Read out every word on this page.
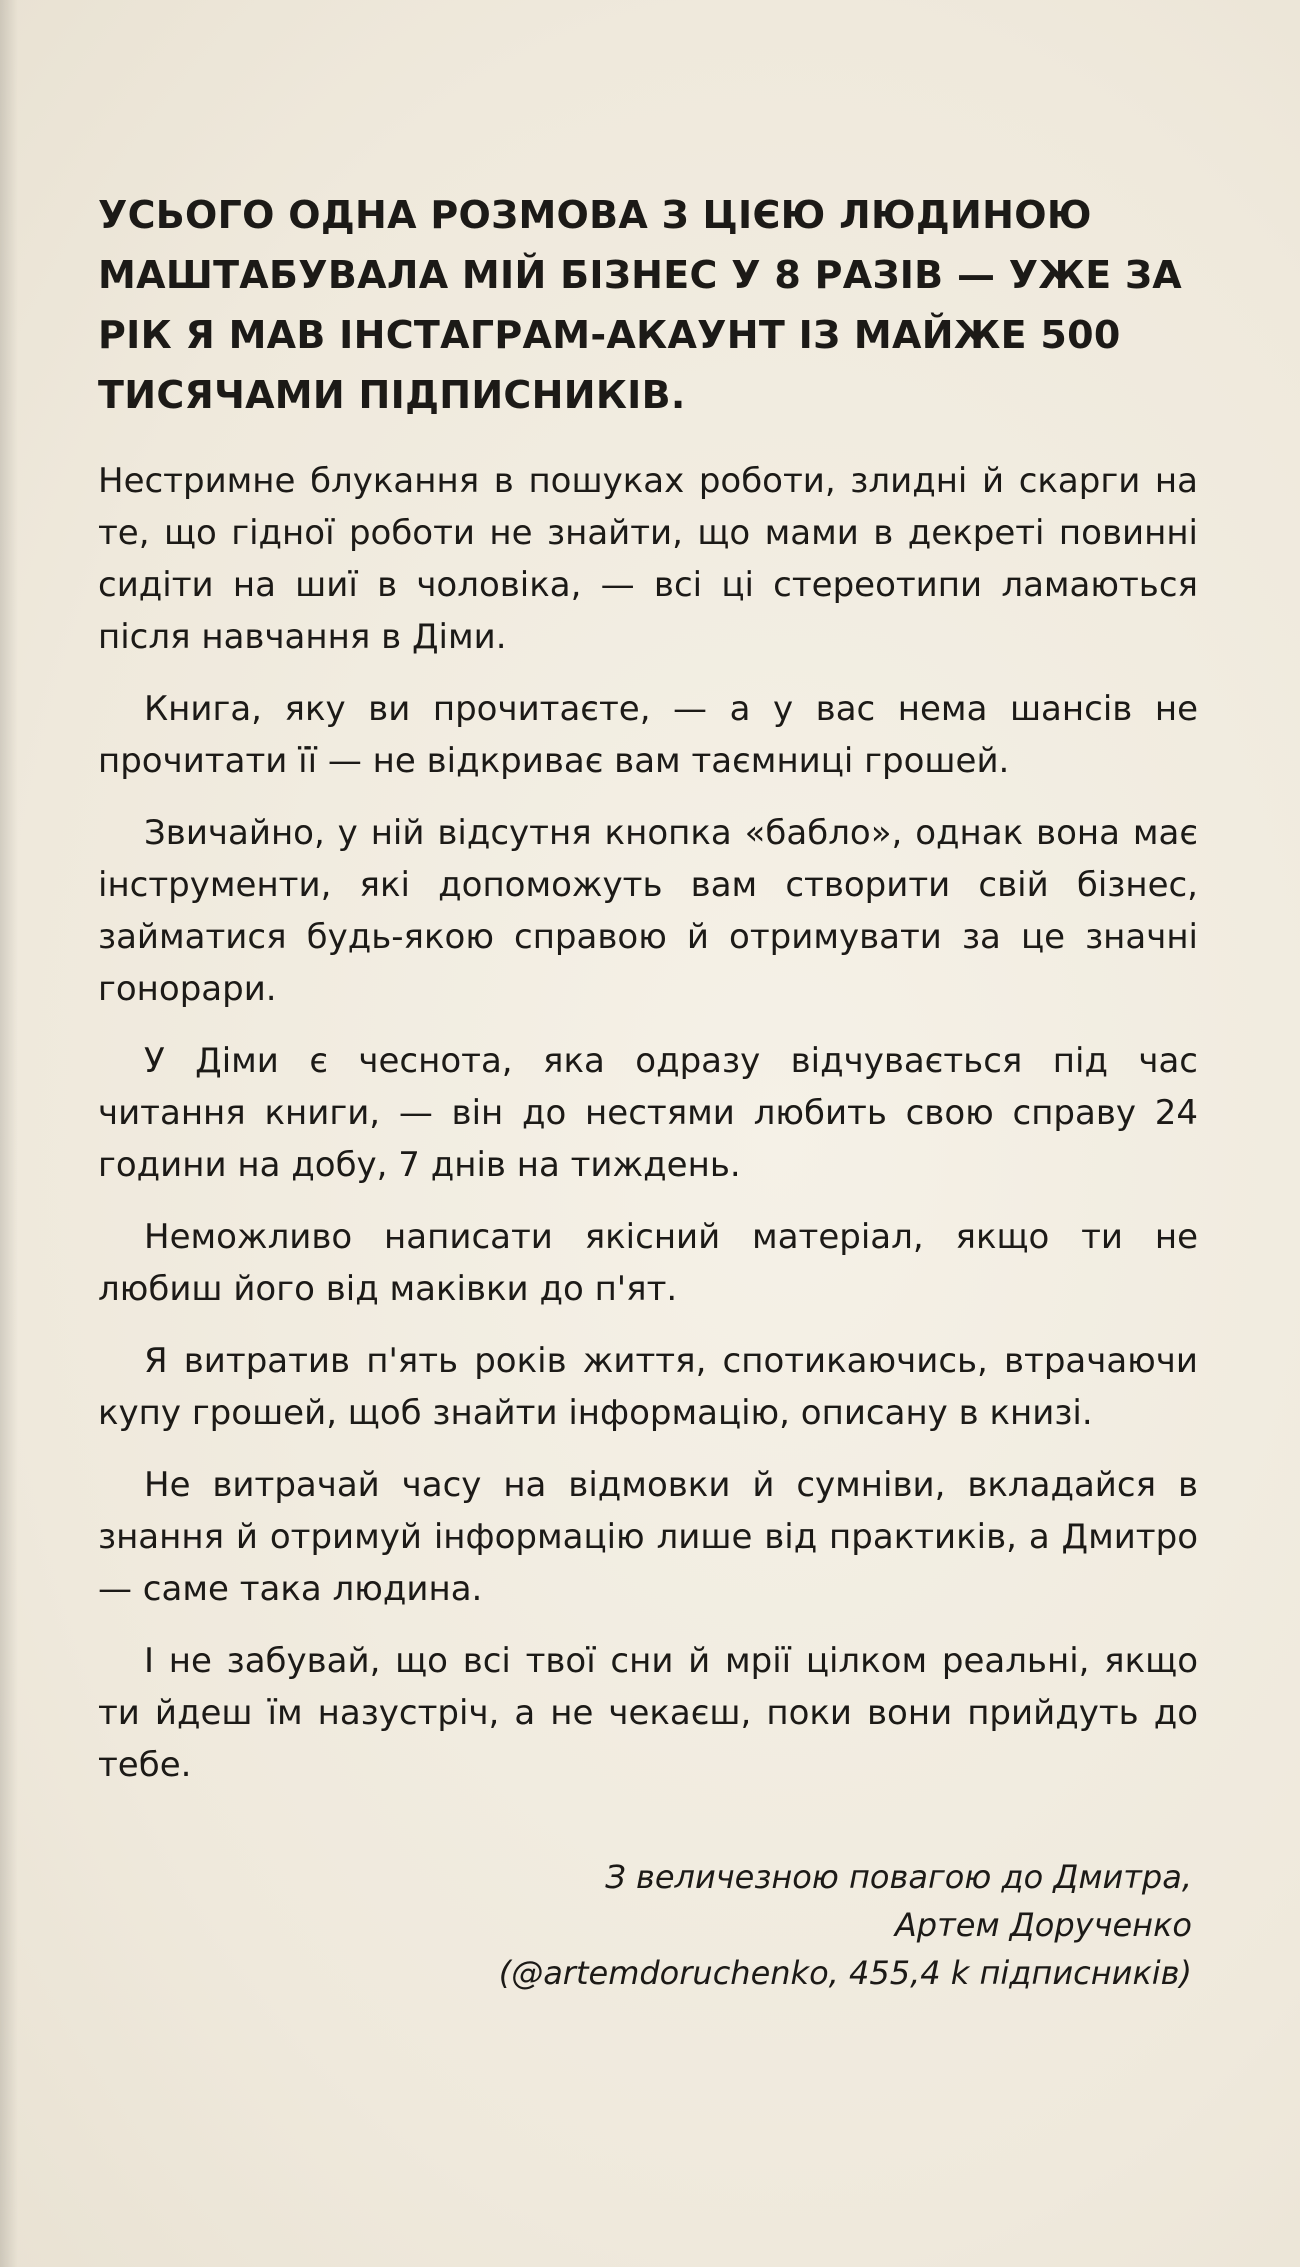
УСЬОГО ОДНА РОЗМОВА З ЦІЄЮ ЛЮДИНОЮ МАШТАБУВАЛА МІЙ БІЗНЕС У 8 РАЗІВ — УЖЕ ЗА РІК Я МАВ ІНСТАГРАМ-АКАУНТ ІЗ МАЙЖЕ 500 ТИСЯЧАМИ ПІДПИСНИКІВ.

Нестримне блукання в пошуках роботи, злидні й скарги на те, що гідної роботи не знайти, що мами в декреті повинні сидіти на шиї в чоловіка, — всі ці стереотипи ламаються після навчання в Діми.

Книга, яку ви прочитаєте, — а у вас нема шансів не прочитати її — не відкриває вам таємниці грошей.

Звичайно, у ній відсутня кнопка «бабло», однак вона має інструменти, які допоможуть вам створити свій бізнес, займатися будь-якою справою й отримувати за це значні гонорари.

У Діми є чеснота, яка одразу відчувається під час читання книги, — він до нестями любить свою справу 24 години на добу, 7 днів на тиждень.

Неможливо написати якісний матеріал, якщо ти не любиш його від маківки до п'ят.

Я витратив п'ять років життя, спотикаючись, втрачаючи купу грошей, щоб знайти інформацію, описану в книзі.

Не витрачай часу на відмовки й сумніви, вкладайся в знання й отримуй інформацію лише від практиків, а Дмитро — саме така людина.

І не забувай, що всі твої сни й мрії цілком реальні, якщо ти йдеш їм назустріч, а не чекаєш, поки вони прийдуть до тебе.

З величезною повагою до Дмитра,
Артем Дорученко
(@artemdoruchenko, 455,4 k підписників)
